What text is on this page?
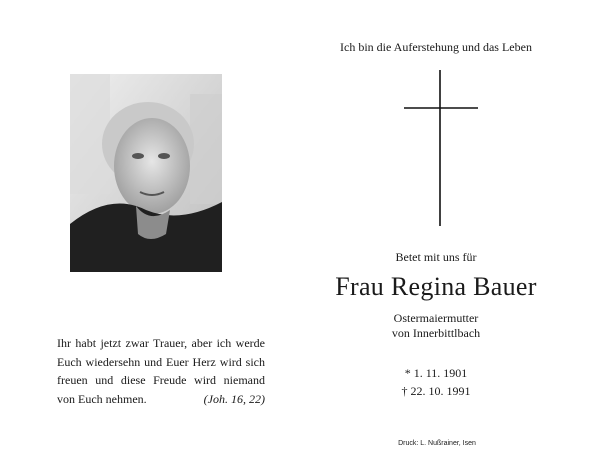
Ihr habt jetzt zwar Trauer, aber ich werde
Euch wiedersehn und Euer Herz wird sich
freuen und diese Freude wird niemand
von Euch nehmen.	(Joh. 16, 22)
Ich bin die Auferstehung und das Leben
Betet mit uns für
Frau Regina Bauer
Ostermaiermutter
von Innerbittlbach
* 1. 11. 1901
† 22. 10. 1991
Druck: L. Nußrainer, Isen
